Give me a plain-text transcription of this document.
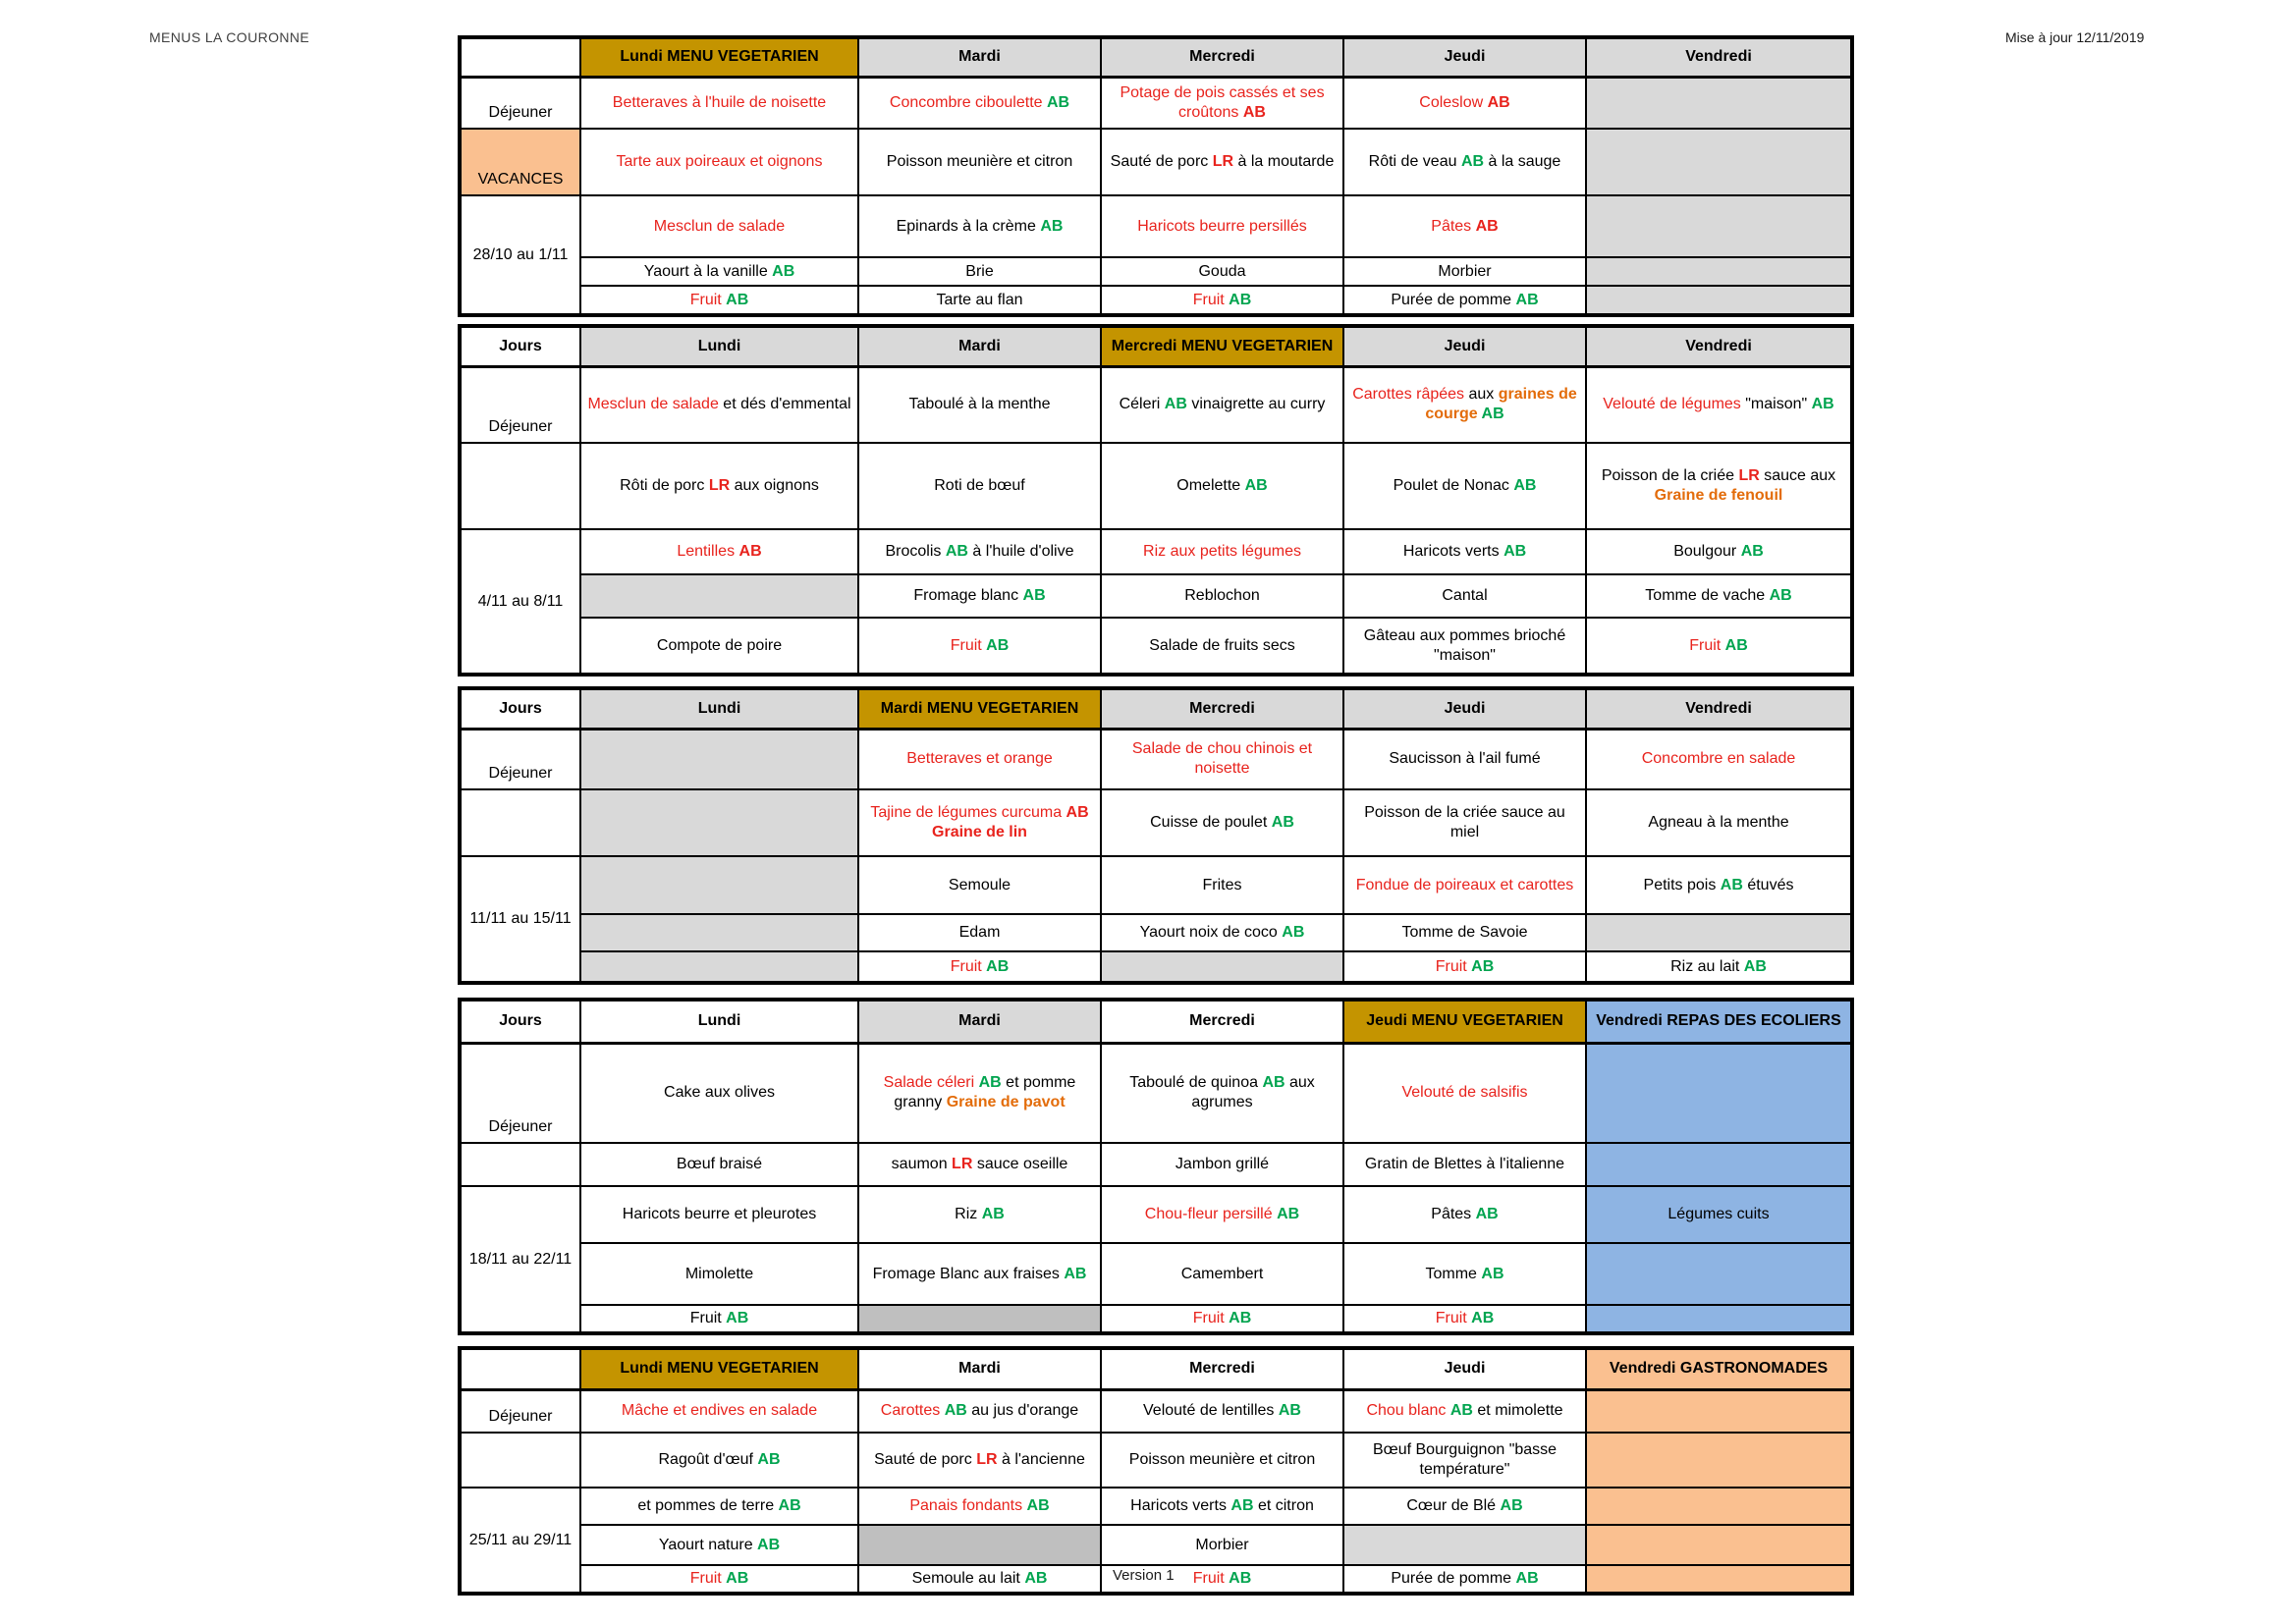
MENUS LA COURONNE	Mise à jour 12/11/2019
	Lundi MENU VEGETARIEN	Mardi	Mercredi	Jeudi	Vendredi
Déjeuner	Betteraves à l'huile de noisette	Concombre ciboulette AB	Potage de pois cassés et ses croûtons AB	Coleslow AB	
VACANCES	Tarte aux poireaux et oignons	Poisson meunière et citron	Sauté de porc LR à la moutarde	Rôti de veau AB à la sauge	
28/10 au 1/11	Mesclun de salade	Epinards à la crème AB	Haricots beurre persillés	Pâtes AB	
	Yaourt à la vanille AB	Brie	Gouda	Morbier	
	Fruit AB	Tarte au flan	Fruit AB	Purée de pomme AB	
Jours	Lundi	Mardi	Mercredi MENU VEGETARIEN	Jeudi	Vendredi
Déjeuner	Mesclun de salade et dés d'emmental	Taboulé à la menthe	Céleri AB vinaigrette au curry	Carottes râpées aux graines de courge AB	Velouté de légumes "maison" AB
	Rôti de porc LR aux oignons	Roti de bœuf	Omelette AB	Poulet de Nonac AB	Poisson de la criée LR sauce aux Graine de fenouil
4/11 au 8/11	Lentilles AB	Brocolis AB à l'huile d'olive	Riz aux petits légumes	Haricots verts AB	Boulgour AB
		Fromage blanc AB	Reblochon	Cantal	Tomme de vache AB
	Compote de poire	Fruit AB	Salade de fruits secs	Gâteau aux pommes brioché "maison"	Fruit AB
Jours	Lundi	Mardi MENU VEGETARIEN	Mercredi	Jeudi	Vendredi
Déjeuner		Betteraves et orange	Salade de chou chinois et noisette	Saucisson à l'ail fumé	Concombre en salade
		Tajine de légumes curcuma AB Graine de lin	Cuisse de poulet AB	Poisson de la criée sauce au miel	Agneau à la menthe
11/11 au 15/11		Semoule	Frites	Fondue de poireaux et carottes	Petits pois AB étuvés
		Edam	Yaourt noix de coco AB	Tomme de Savoie	
		Fruit AB		Fruit AB	Riz au lait AB
Jours	Lundi	Mardi	Mercredi	Jeudi MENU VEGETARIEN	Vendredi REPAS DES ECOLIERS
Déjeuner	Cake aux olives	Salade céleri AB et pomme granny Graine de pavot	Taboulé de quinoa AB aux agrumes	Velouté de salsifis	
	Bœuf braisé	saumon LR sauce oseille	Jambon grillé	Gratin de Blettes à l'italienne	
18/11 au 22/11	Haricots beurre et pleurotes	Riz AB	Chou-fleur persillé AB	Pâtes AB	Légumes cuits
	Mimolette	Fromage Blanc aux fraises AB	Camembert	Tomme AB	
	Fruit AB		Fruit AB	Fruit AB	
	Lundi MENU VEGETARIEN	Mardi	Mercredi	Jeudi	Vendredi GASTRONOMADES
Déjeuner	Mâche et endives en salade	Carottes AB au jus d'orange	Velouté de lentilles AB	Chou blanc AB et mimolette	
	Ragoût d'œuf AB	Sauté de porc LR à l'ancienne	Poisson meunière et citron	Bœuf Bourguignon "basse température"	
25/11 au 29/11	et pommes de terre AB	Panais fondants AB	Haricots verts AB et citron	Cœur de Blé AB	
	Yaourt nature AB		Morbier		
	Fruit AB	Semoule au lait AB	Fruit AB	Purée de pomme AB	
Version 1
